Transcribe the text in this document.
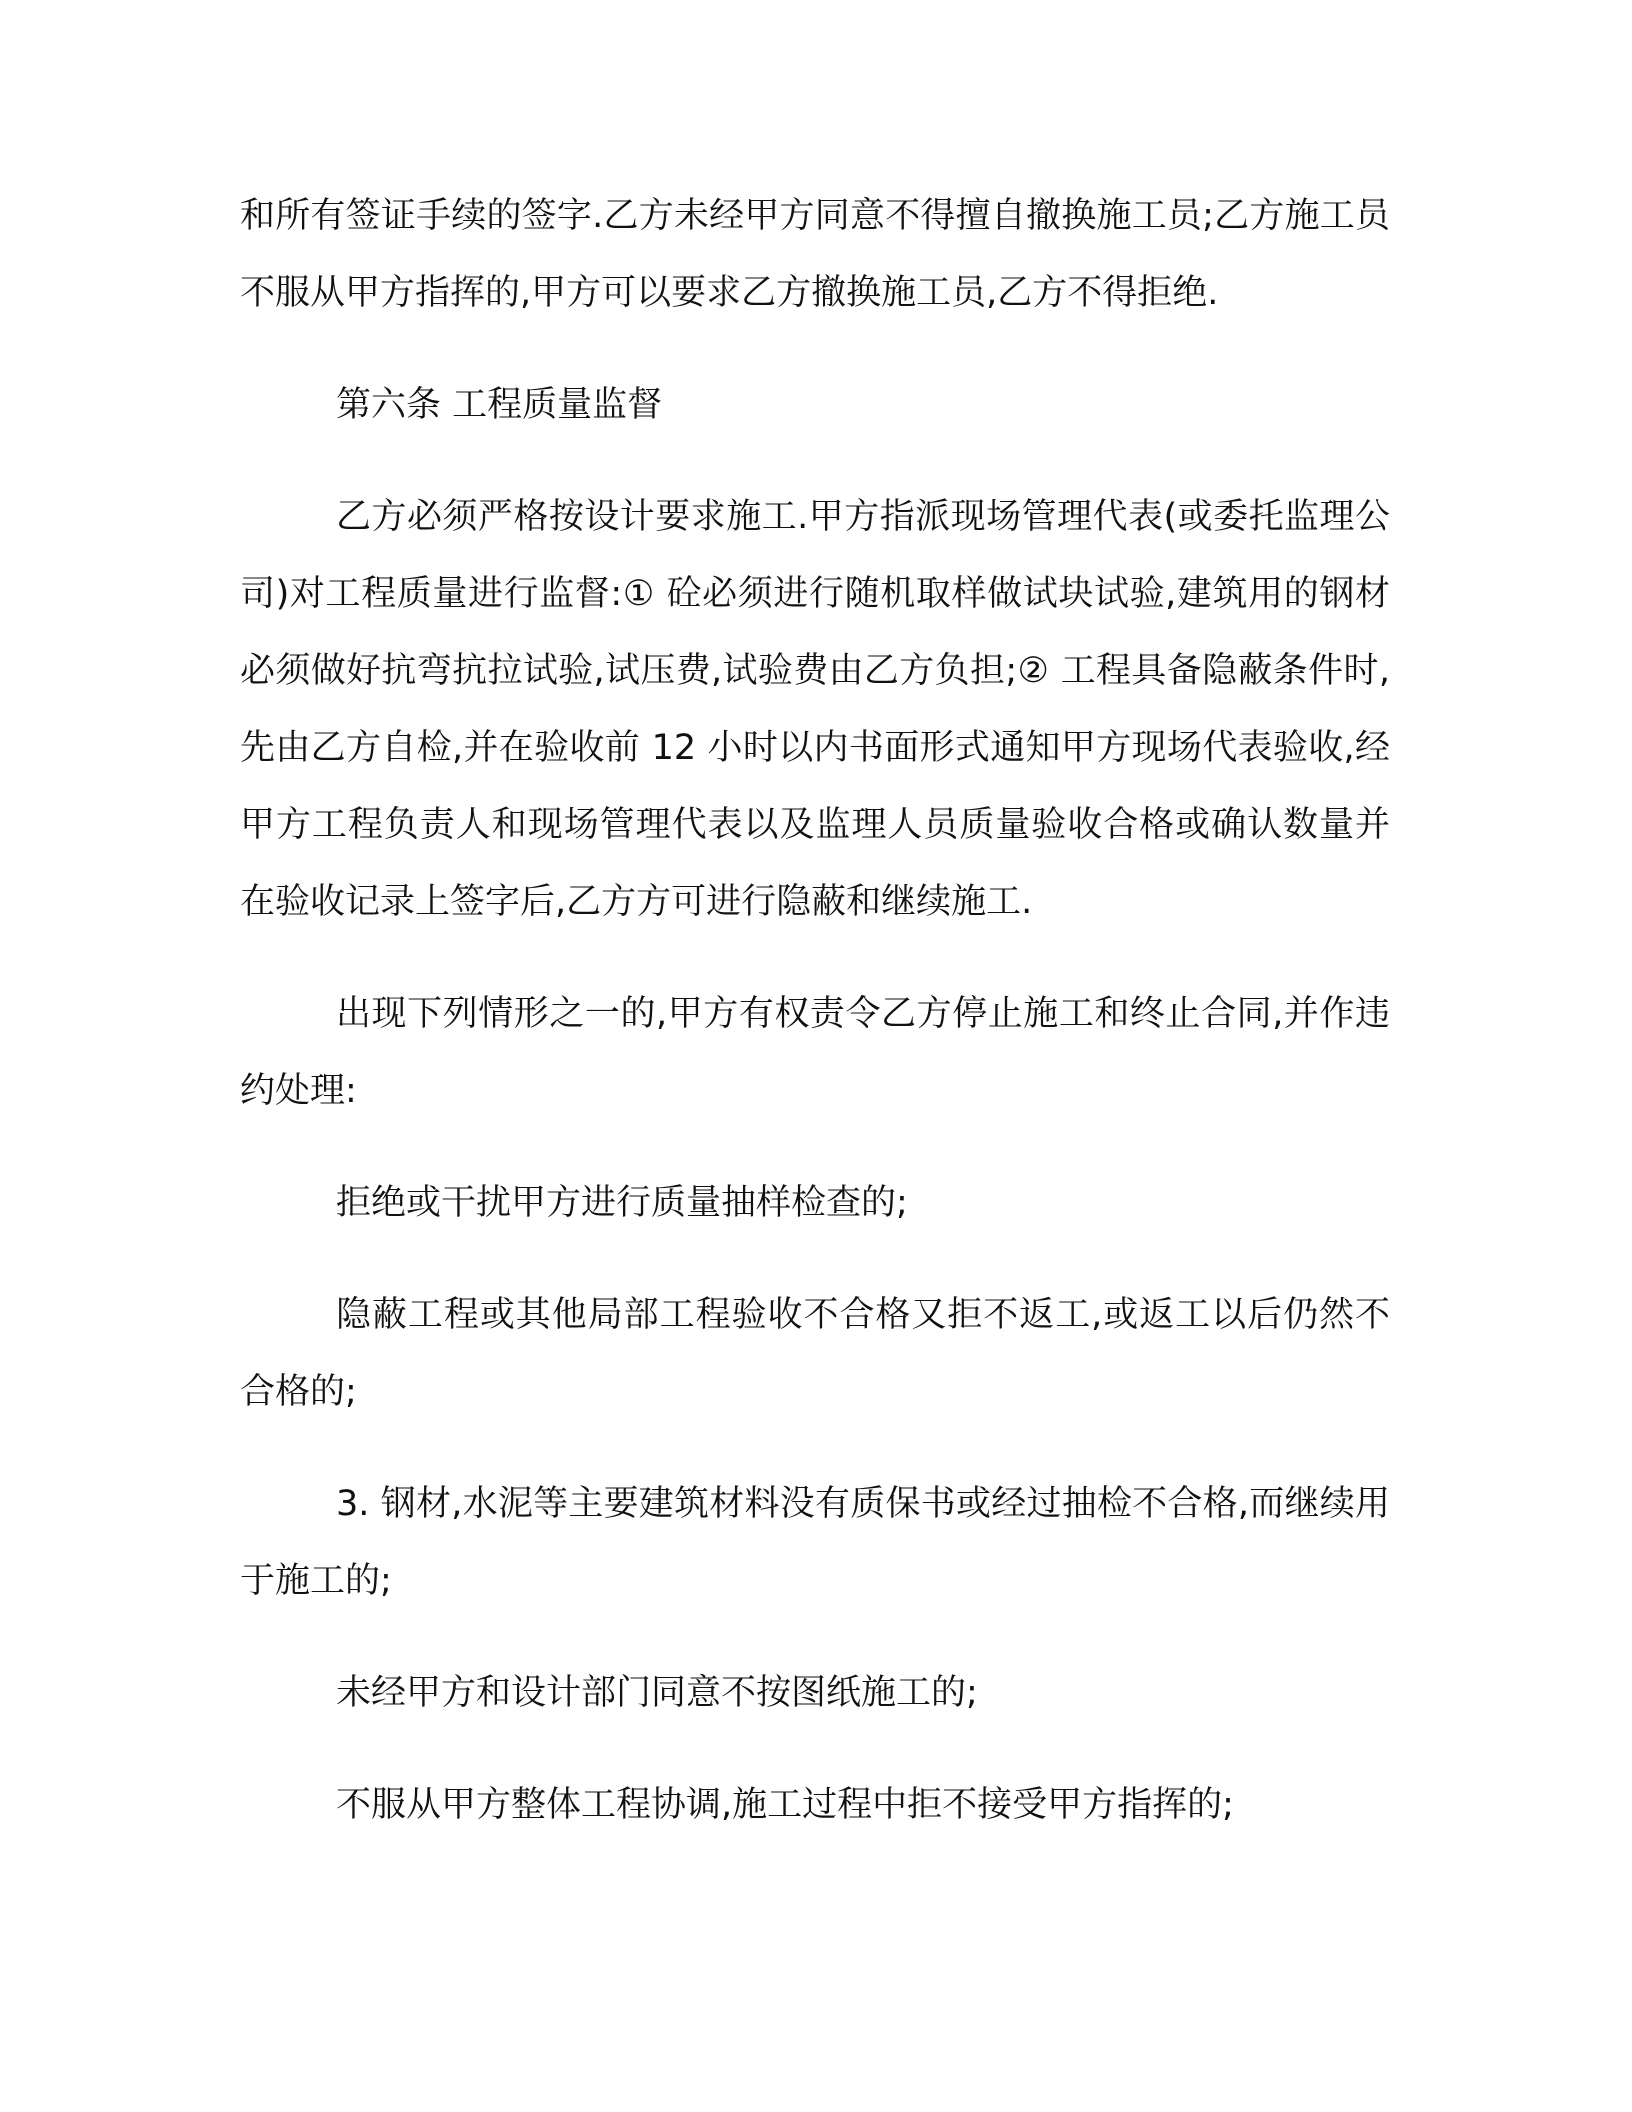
和所有签证手续的签字.乙方未经甲方同意不得擅自撤换施工员;乙方施工员不服从甲方指挥的,甲方可以要求乙方撤换施工员,乙方不得拒绝.

第六条 工程质量监督

乙方必须严格按设计要求施工.甲方指派现场管理代表(或委托监理公司)对工程质量进行监督:① 砼必须进行随机取样做试块试验,建筑用的钢材必须做好抗弯抗拉试验,试压费,试验费由乙方负担;② 工程具备隐蔽条件时,先由乙方自检,并在验收前 12 小时以内书面形式通知甲方现场代表验收,经甲方工程负责人和现场管理代表以及监理人员质量验收合格或确认数量并在验收记录上签字后,乙方方可进行隐蔽和继续施工.

出现下列情形之一的,甲方有权责令乙方停止施工和终止合同,并作违约处理:

拒绝或干扰甲方进行质量抽样检查的;

隐蔽工程或其他局部工程验收不合格又拒不返工,或返工以后仍然不合格的;

3. 钢材,水泥等主要建筑材料没有质保书或经过抽检不合格,而继续用于施工的;

未经甲方和设计部门同意不按图纸施工的;

不服从甲方整体工程协调,施工过程中拒不接受甲方指挥的;
